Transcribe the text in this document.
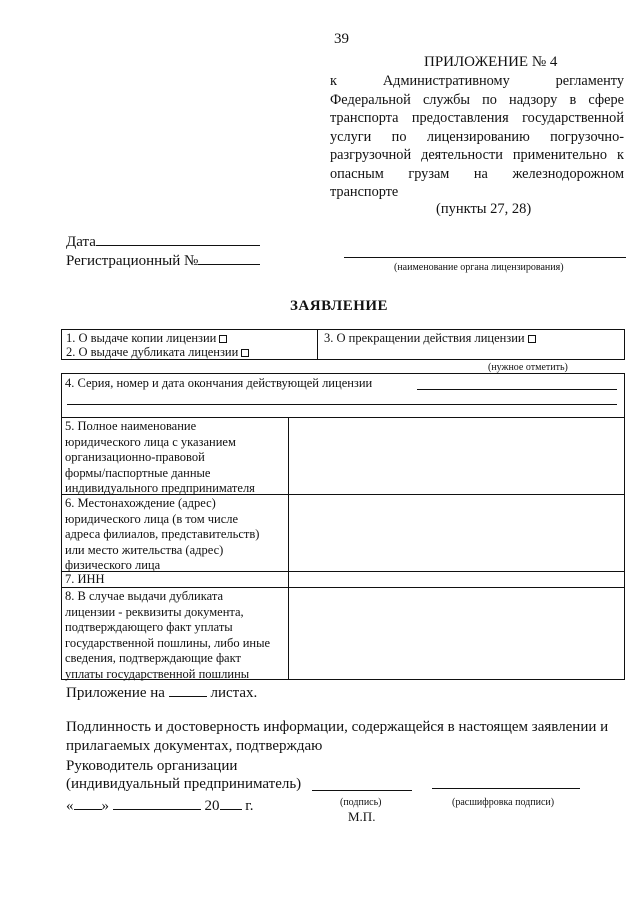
39
ПРИЛОЖЕНИЕ № 4
к Административному регламенту
Федеральной службы по надзору в сфере
транспорта предоставления государственной
услуги по лицензированию погрузочно-
разгрузочной деятельности применительно к
опасным грузам на железнодорожном
транспорте
(пункты 27, 28)
Дата
Регистрационный №	(наименование органа лицензирования)
ЗАЯВЛЕНИЕ
1. О выдаче копии лицензии
2. О выдаче дубликата лицензии
3. О прекращении действия лицензии
(нужное отметить)
4. Серия, номер и дата окончания действующей лицензии
5. Полное наименование
юридического лица с указанием
организационно-правовой
формы/паспортные данные
индивидуального предпринимателя
6. Местонахождение (адрес)
юридического лица (в том числе
адреса филиалов, представительств)
или место жительства (адрес)
физического лица
7. ИНН
8. В случае выдачи дубликата
лицензии - реквизиты документа,
подтверждающего факт уплаты
государственной пошлины, либо иные
сведения, подтверждающие факт
уплаты государственной пошлины
Приложение на	листах.
Подлинность и достоверность информации, содержащейся в настоящем заявлении и прилагаемых документах, подтверждаю
Руководитель организации
(индивидуальный предприниматель)
« »	20 г.	(подпись)	(расшифровка подписи)
М.П.
